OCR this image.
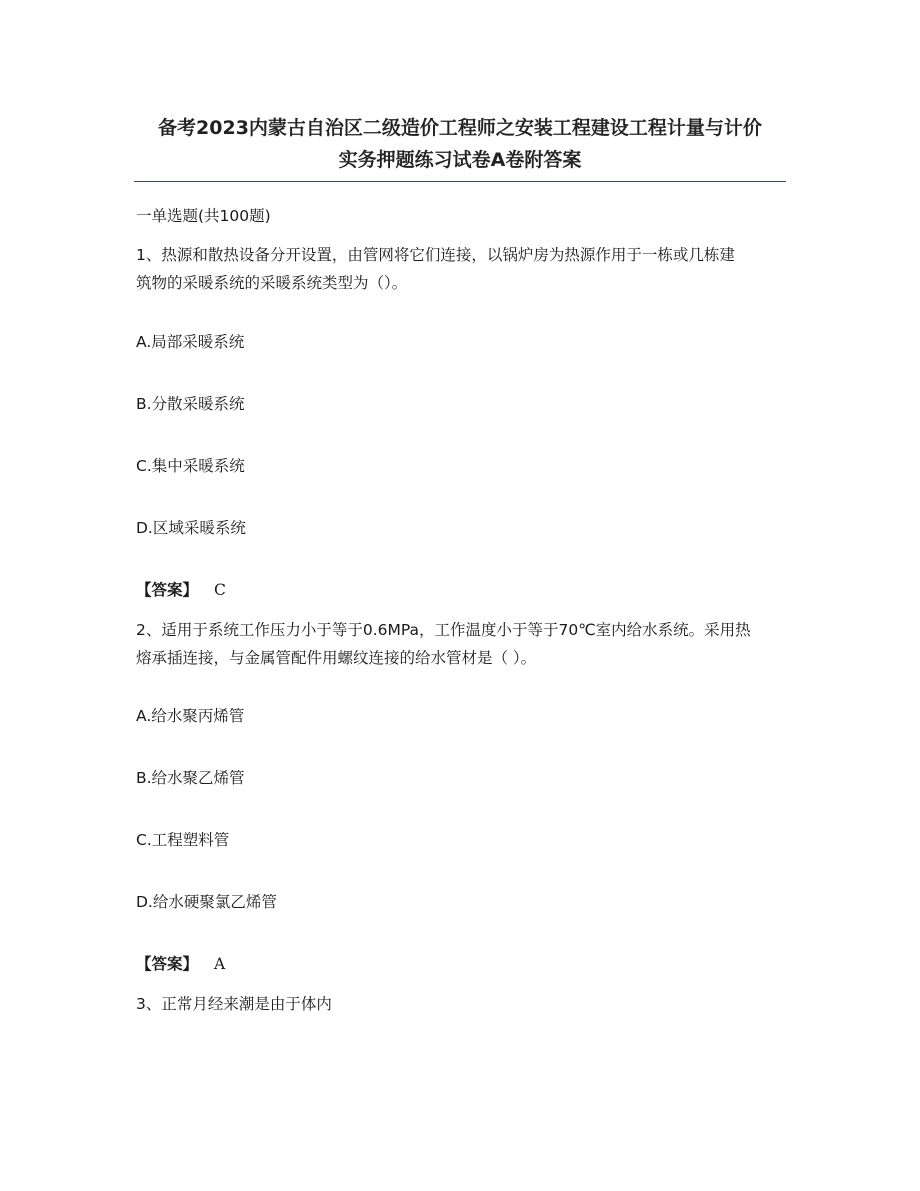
备考2023内蒙古自治区二级造价工程师之安装工程建设工程计量与计价
实务押题练习试卷A卷附答案
一单选题(共100题)
1、热源和散热设备分开设置，由管网将它们连接，以锅炉房为热源作用于一栋或几栋建
筑物的采暖系统的采暖系统类型为（）。
A.局部采暖系统
B.分散采暖系统
C.集中采暖系统
D.区域采暖系统
【答案】 C
2、适用于系统工作压力小于等于0.6MPa，工作温度小于等于70℃室内给水系统。采用热
熔承插连接，与金属管配件用螺纹连接的给水管材是（ ）。
A.给水聚丙烯管
B.给水聚乙烯管
C.工程塑料管
D.给水硬聚氯乙烯管
【答案】 A
3、正常月经来潮是由于体内
